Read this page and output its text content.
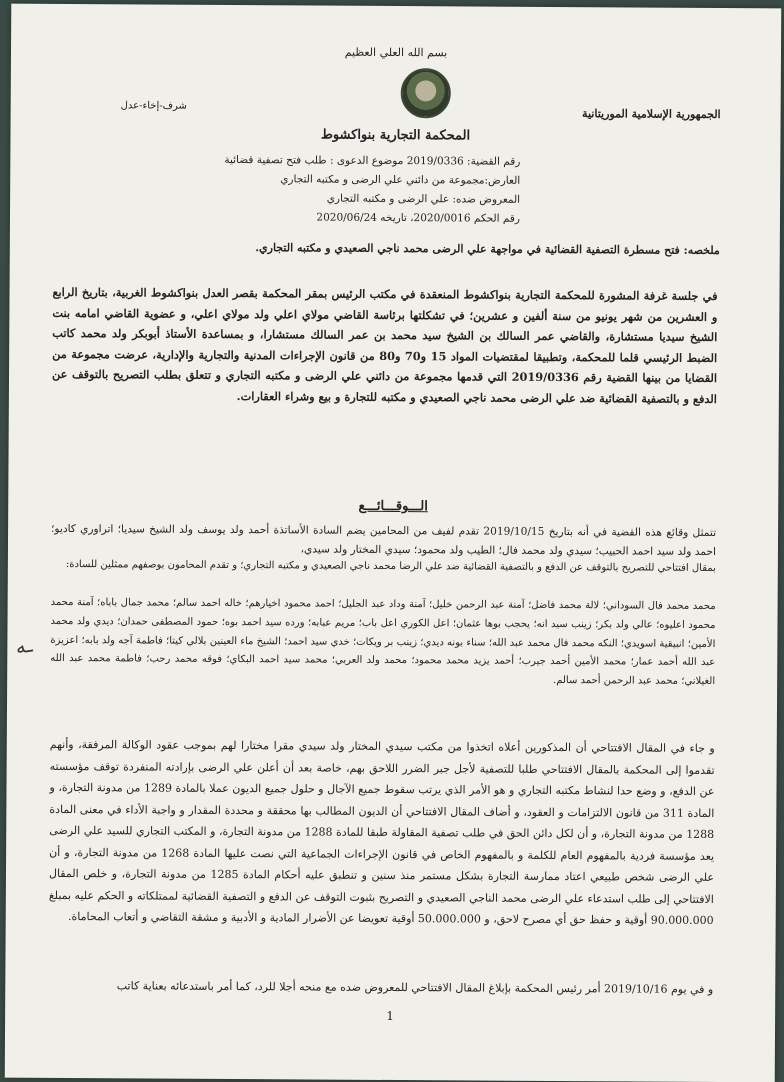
بسم الله العلي العظيم
الجمهورية الإسلامية الموريتانية
شرف-إخاء-عدل
المحكمة التجارية بنواكشوط
رقم القضية: 2019/0336 موضوع الدعوى : طلب فتح تصفية قضائية
العارض:مجموعة من دائني علي الرضى و مكتبه التجاري
المعروض ضده: علي الرضى و مكتبه التجاري
رقم الحكم 2020/0016، تاريخه 2020/06/24
ملخصه: فتح مسطرة التصفية القضائية في مواجهة علي الرضى محمد ناجي الصعيدي و مكتبه التجاري.
في جلسة غرفة المشورة للمحكمة التجارية بنواكشوط المنعقدة في مكتب الرئيس بمقر المحكمة بقصر العدل بنواكشوط الغربية، بتاريخ الرابع و العشرين من شهر يونيو من سنة ألفين و عشرين؛ في تشكلتها برئاسة القاضي مولاي اعلي ولد مولاي اعلي، و عضوية القاضي امامه بنت الشيخ سيديا مستشارة، والقاضي عمر السالك بن الشيخ سيد محمد بن عمر السالك مستشارا، و بمساعدة الأستاذ أبوبكر ولد محمد كاتب الضبط الرئيسي قلما للمحكمة، وتطبيقا لمقتضيات المواد 15 و70 و80 من قانون الإجراءات المدنية والتجارية والإدارية، عرضت مجموعة من القضايا من بينها القضية رقم 2019/0336 التي قدمها مجموعة من دائني علي الرضى و مكتبه التجاري و تتعلق بطلب التصريح بالتوقف عن الدفع و بالتصفية القضائية ضد علي الرضى محمد ناجي الصعيدي و مكتبه للتجارة و بيع وشراء العقارات.
الـــوقـــائـــع
تتمثل وقائع هذه القضية في أنه بتاريخ 2019/10/15 تقدم لفيف من المحامين يضم السادة الأساتذة أحمد ولد يوسف ولد الشيخ سيديا؛ اتراوري كاديو؛ احمد ولد سيد احمد الحبيب؛ سيدي ولد محمد فال؛ الطيب ولد محمود؛ سيدي المختار ولد سيدي،
بمقال افتتاحي للتصريح بالتوقف عن الدفع و بالتصفية القضائية ضد علي الرضا محمد ناجي الصعيدي و مكتبه التجاري؛ و تقدم المحامون بوصفهم ممثلين للسادة:
محمد محمد فال السوداني؛ لالة محمد فاضل؛ آمنة عبد الرحمن خليل؛ آمنة وداد عبد الجليل؛ احمد محمود اخيارهم؛ خاله احمد سالم؛ محمد جمال باباه؛ آمنة محمد محمود اعليوه؛ عالي ولد بكر؛ زينب سيد انه؛ يحجب بوها عثمان؛ اعل الكوري اعل باب؛ مريم عبابه؛ ورده سيد احمد بوه؛ حمود المصطفى حمدان؛ ديدي ولد محمد الأمين؛ انبيقية اسويدي؛ النكه محمد فال محمد عبد الله؛ سناء بونه ديدي؛ زينب بر ويكات؛ خدي سيد احمد؛ الشيخ ماء العينين بلالي كيتا؛ فاطمة آجه ولد بابه؛ اعزيزة عبد الله أحمد عمار؛ محمد الأمين أحمد جيرب؛ أحمد يزيد محمد محمود؛ محمد ولد العربي؛ محمد سيد احمد البكاي؛ فوقه محمد رحب؛ فاطمة محمد عبد الله الغيلاني؛ محمد عبد الرحمن أحمد سالم.
و جاء في المقال الافتتاحي أن المذكورين أعلاه اتخذوا من مكتب سيدي المختار ولد سيدي مقرا مختارا لهم بموجب عقود الوكالة المرفقة، وأنهم تقدموا إلى المحكمة بالمقال الافتتاحي طلبا للتصفية لأجل جبر الضرر اللاحق بهم، خاصة بعد أن أعلن علي الرضى بإرادته المنفردة توقف مؤسسته عن الدفع، و وضع حدا لنشاط مكتبه التجاري و هو الأمر الذي يرتب سقوط جميع الآجال و حلول جميع الديون عملا بالمادة 1289 من مدونة التجارة، و المادة 311 من قانون الالتزامات و العقود، و أضاف المقال الافتتاحي أن الديون المطالب بها محققة و محددة المقدار و واجبة الأداء في معنى المادة 1288 من مدونة التجارة، و أن لكل دائن الحق في طلب تصفية المقاولة طبقا للمادة 1288 من مدونة التجارة، و المكتب التجاري للسيد علي الرضى يعد مؤسسة فردية بالمفهوم العام للكلمة و بالمفهوم الخاص في قانون الإجراءات الجماعية التي نصت عليها المادة 1268 من مدونة التجارة، و أن علي الرضى شخص طبيعي اعتاد ممارسة التجارة بشكل مستمر منذ سنين و تنطبق عليه أحكام المادة 1285 من مدونة التجارة، و خلص المقال الافتتاحي إلى طلب استدعاء علي الرضى محمد الناجي الصعيدي و التصريح بثبوت التوقف عن الدفع و التصفية القضائية لممتلكاته و الحكم عليه بمبلغ 90.000.000 أوقية و حفظ حق أي مصرح لاحق، و 50.000.000 أوقية تعويضا عن الأضرار المادية و الأدبية و مشقة التقاضي و أتعاب المحاماة.
و في يوم 2019/10/16 أمر رئيس المحكمة بإبلاغ المقال الافتتاحي للمعروض ضده مع منحه أجلا للرد، كما أمر باستدعائه بعناية كاتب
1
ـﻪ
